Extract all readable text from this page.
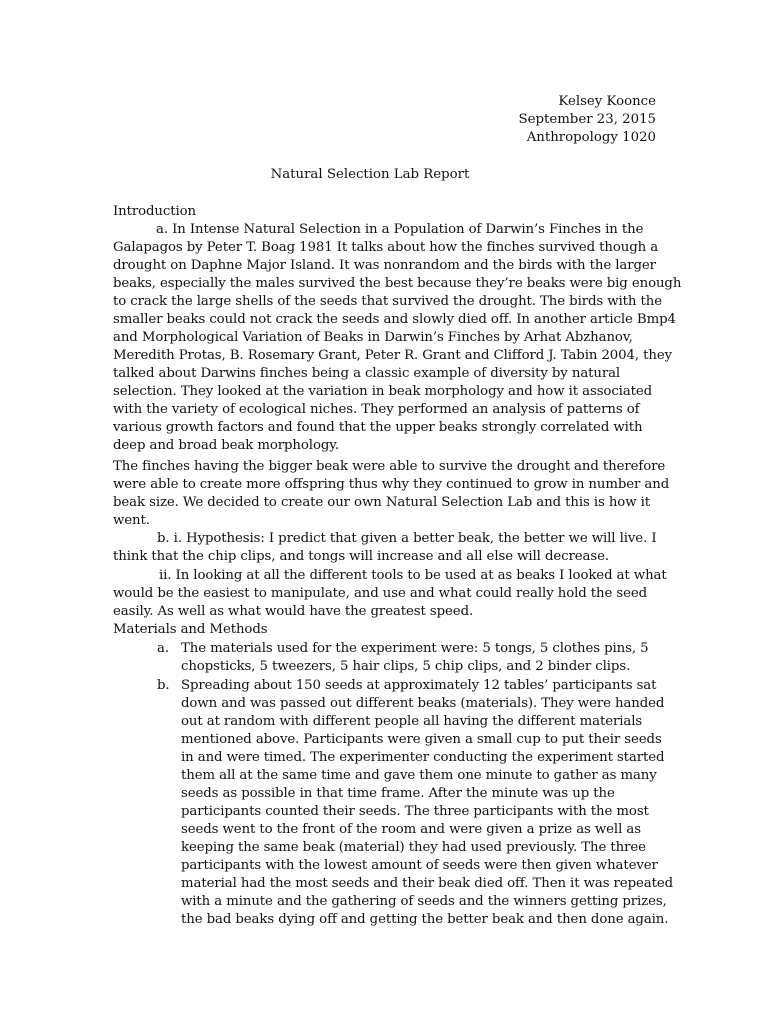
Kelsey Koonce
September 23, 2015
Anthropology 1020
Natural Selection Lab Report
Introduction
a. In Intense Natural Selection in a Population of Darwin’s Finches in the
Galapagos by Peter T. Boag 1981 It talks about how the finches survived though a
drought on Daphne Major Island. It was nonrandom and the birds with the larger
beaks, especially the males survived the best because they’re beaks were big enough
to crack the large shells of the seeds that survived the drought. The birds with the
smaller beaks could not crack the seeds and slowly died off. In another article Bmp4
and Morphological Variation of Beaks in Darwin’s Finches by Arhat Abzhanov,
Meredith Protas, B. Rosemary Grant, Peter R. Grant and Clifford J. Tabin 2004, they
talked about Darwins finches being a classic example of diversity by natural
selection. They looked at the variation in beak morphology and how it associated
with the variety of ecological niches. They performed an analysis of patterns of
various growth factors and found that the upper beaks strongly correlated with
deep and broad beak morphology.
The finches having the bigger beak were able to survive the drought and therefore
were able to create more offspring thus why they continued to grow in number and
beak size. We decided to create our own Natural Selection Lab and this is how it
went.
b. i. Hypothesis: I predict that given a better beak, the better we will live. I
think that the chip clips, and tongs will increase and all else will decrease.
ii. In looking at all the different tools to be used at as beaks I looked at what
would be the easiest to manipulate, and use and what could really hold the seed
easily. As well as what would have the greatest speed.
Materials and Methods
a. The materials used for the experiment were: 5 tongs, 5 clothes pins, 5
chopsticks, 5 tweezers, 5 hair clips, 5 chip clips, and 2 binder clips.
b. Spreading about 150 seeds at approximately 12 tables’ participants sat
down and was passed out different beaks (materials). They were handed
out at random with different people all having the different materials
mentioned above. Participants were given a small cup to put their seeds
in and were timed. The experimenter conducting the experiment started
them all at the same time and gave them one minute to gather as many
seeds as possible in that time frame. After the minute was up the
participants counted their seeds. The three participants with the most
seeds went to the front of the room and were given a prize as well as
keeping the same beak (material) they had used previously. The three
participants with the lowest amount of seeds were then given whatever
material had the most seeds and their beak died off. Then it was repeated
with a minute and the gathering of seeds and the winners getting prizes,
the bad beaks dying off and getting the better beak and then done again.
